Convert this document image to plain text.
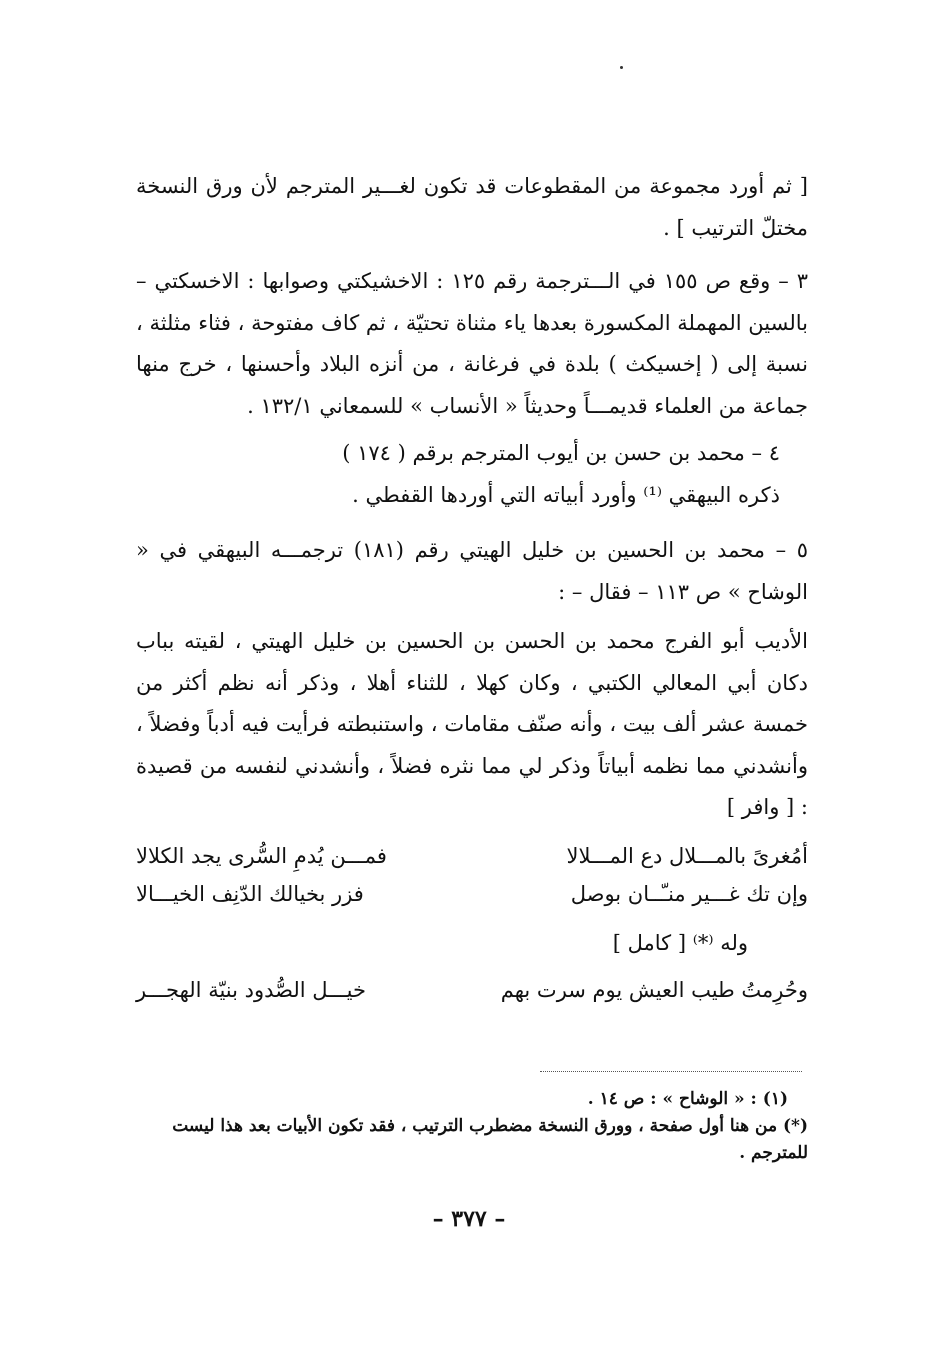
[ ثم أورد مجموعة من المقطوعات قد تكون لغـــير المترجم لأن ورق النسخة مختلّ الترتيب ] .

٣ – وقع ص ١٥٥ في الـــترجمة رقم ١٢٥ : الاخشيكتي وصوابها : الاخسكتي – بالسين المهملة المكسورة بعدها ياء مثناة تحتيّة ، ثم كاف مفتوحة ، فثاء مثلثة ، نسبة إلى ( إخسيكث ) بلدة في فرغانة ، من أنزه البلاد وأحسنها ، خرج منها جماعة من العلماء قديمـــاً وحديثاً « الأنساب » للسمعاني ١٣٢/١ .

٤ – محمد بن حسن بن أيوب المترجم برقم ( ١٧٤ )
ذكره البيهقي ⁽¹⁾ وأورد أبياته التي أوردها القفطي .

٥ – محمد بن الحسين بن خليل الهيتي رقم (١٨١) ترجمـــه البيهقي في « الوشاح » ص ١١٣ – فقال – :

الأديب أبو الفرج محمد بن الحسن بن الحسين بن خليل الهيتي ، لقيته بباب دكان أبي المعالي الكتبي ، وكان كهلا ، للثناء أهلا ، وذكر أنه نظم أكثر من خمسة عشر ألف بيت ، وأنه صنّف مقامات ، واستنبطته فرأيت فيه أدباً وفضلاً ، وأنشدني مما نظمه أبياتاً وذكر لي مما نثره فضلاً ، وأنشدني لنفسه من قصيدة : [ وافر ]

أمُغرىً بالمـــلال دع المـــلالا
فمـــن يُدمِ السُّرى يجد الكلالا
وإن تك غـــير منـّــان بوصل
فزر بخيالك الدّنِف الخيـــالا
وله ⁽*⁾ [ كامل ]
وحُرِمتُ طيب العيش يوم سرت بهم
خيـــل الصُّدود بنيّة الهجـــر
(١) : « الوشاح » : ص ١٤ .
(*) من هنا أول صفحة ، وورق النسخة مضطرب الترتيب ، فقد تكون الأبيات بعد هذا ليست للمترجم .
– ٣٧٧ –
